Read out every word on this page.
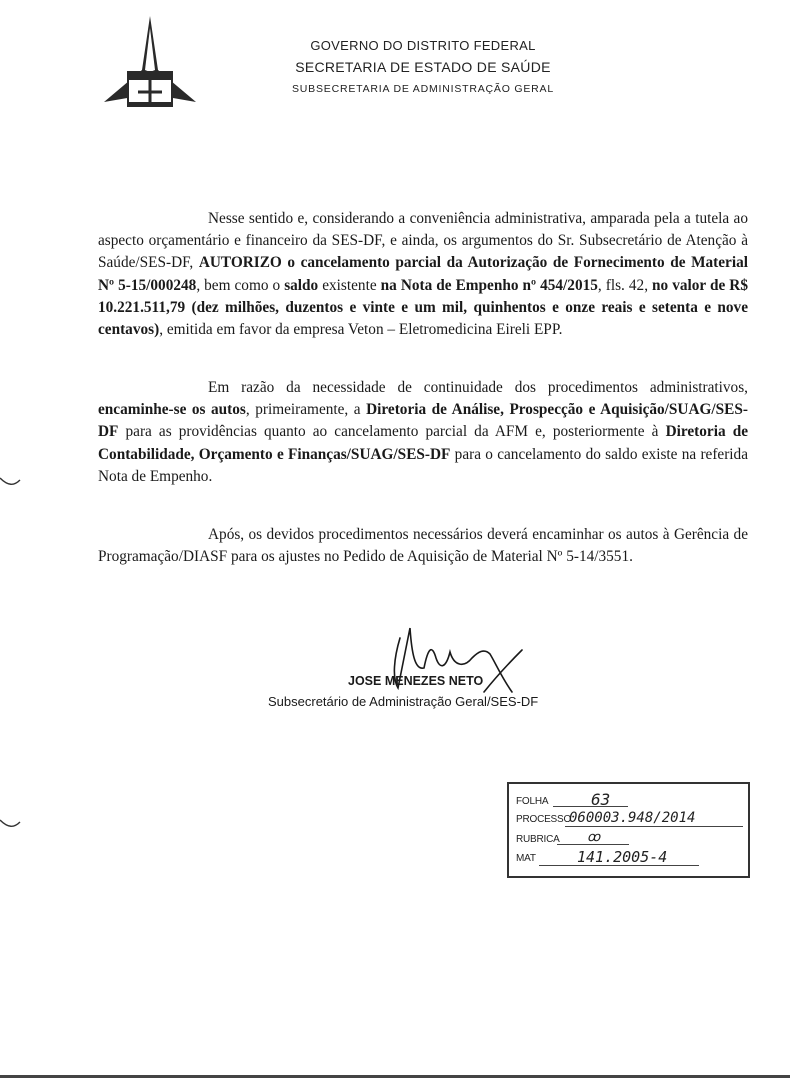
GOVERNO DO DISTRITO FEDERAL
SECRETARIA DE ESTADO DE SAÚDE
SUBSECRETARIA DE ADMINISTRAÇÃO GERAL
Nesse sentido e, considerando a conveniência administrativa, amparada pela a tutela ao aspecto orçamentário e financeiro da SES-DF, e ainda, os argumentos do Sr. Subsecretário de Atenção à Saúde/SES-DF, AUTORIZO o cancelamento parcial da Autorização de Fornecimento de Material Nº 5-15/000248, bem como o saldo existente na Nota de Empenho nº 454/2015, fls. 42, no valor de R$ 10.221.511,79 (dez milhões, duzentos e vinte e um mil, quinhentos e onze reais e setenta e nove centavos), emitida em favor da empresa Veton – Eletromedicina Eireli EPP.
Em razão da necessidade de continuidade dos procedimentos administrativos, encaminhe-se os autos, primeiramente, a Diretoria de Análise, Prospecção e Aquisição/SUAG/SES-DF para as providências quanto ao cancelamento parcial da AFM e, posteriormente à Diretoria de Contabilidade, Orçamento e Finanças/SUAG/SES-DF para o cancelamento do saldo existe na referida Nota de Empenho.
Após, os devidos procedimentos necessários deverá encaminhar os autos à Gerência de Programação/DIASF para os ajustes no Pedido de Aquisição de Material Nº 5-14/3551.
JOSE MENEZES NETO
Subsecretário de Administração Geral/SES-DF
FOLHA	63
PROCESSO
060003.948/2014
RUBRICA ꝏ
MAT	141.2005-4
